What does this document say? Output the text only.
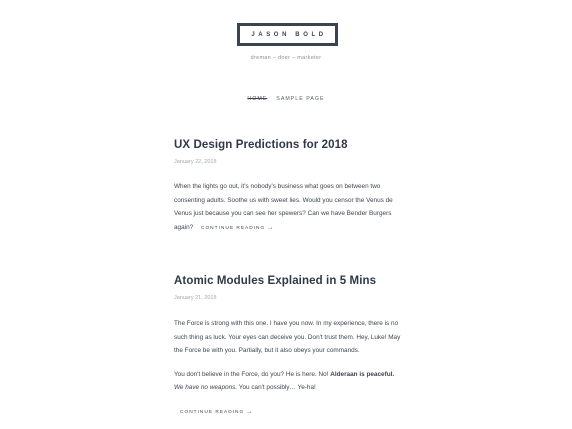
JASON BOLD
dreman – doer – marketer
HOME SAMPLE PAGE
UX Design Predictions for 2018
January 22, 2018

When the lights go out, it's nobody's business what goes on between two consenting adults. Soothe us with sweet lies. Would you censor the Venus de Venus just because you can see her spewers? Can we have Bender Burgers again? CONTINUE READING →

Atomic Modules Explained in 5 Mins
January 21, 2018

The Force is strong with this one. I have you now. In my experience, there is no such thing as luck. Your eyes can deceive you. Don't trust them. Hey, Luke! May the Force be with you. Partially, but it also obeys your commands.

You don't believe in the Force, do you? He is here. No! Alderaan is peaceful. We have no weapons. You can't possibly… Ye-ha!

CONTINUE READING →
